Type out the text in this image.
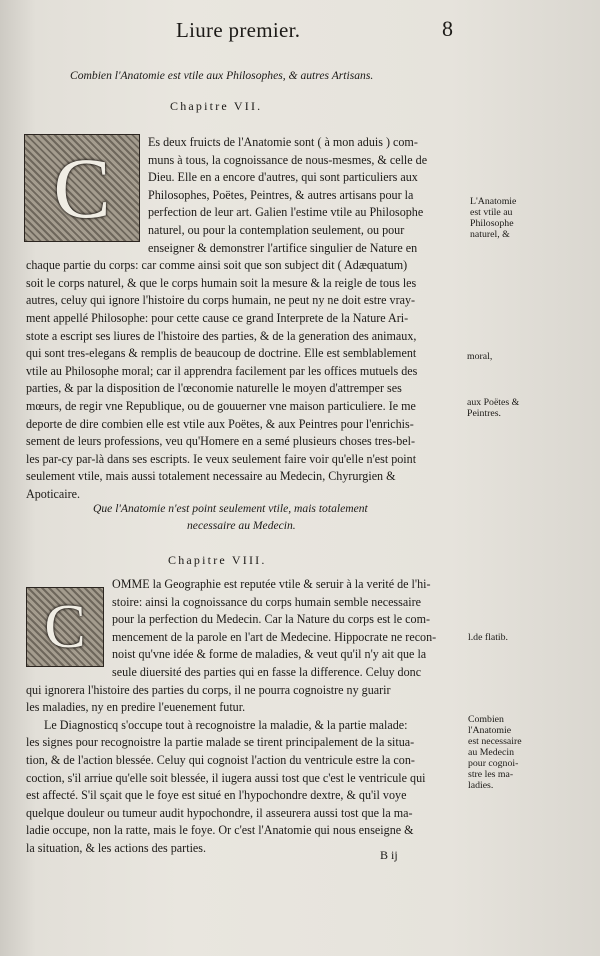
Liure premier.	8
Combien l'Anatomie est vtile aux Philosophes, & autres Artisans.
Chapitre VII.
C	Es deux fruicts de l'Anatomie sont ( à mon aduis ) com-
muns à tous, la cognoissance de nous-mesmes, & celle de
Dieu. Elle en a encore d'autres, qui sont particuliers aux
Philosophes, Poëtes, Peintres, & autres artisans pour la
perfection de leur art. Galien l'estime vtile au Philosophe
naturel, ou pour la contemplation seulement, ou pour
enseigner & demonstrer l'artifice singulier de Nature en
chaque partie du corps: car comme ainsi soit que son subject dit ( Adæquatum)
soit le corps naturel, & que le corps humain soit la mesure & la reigle de tous les
autres, celuy qui ignore l'histoire du corps humain, ne peut ny ne doit estre vray-
ment appellé Philosophe: pour cette cause ce grand Interprete de la Nature Ari-
stote a escript ses liures de l'histoire des parties, & de la generation des animaux,
qui sont tres-elegans & remplis de beaucoup de doctrine. Elle est semblablement
vtile au Philosophe moral; car il apprendra facilement par les offices mutuels des
parties, & par la disposition de l'œconomie naturelle le moyen d'attremper ses
mœurs, de regir vne Republique, ou de gouuerner vne maison particuliere. Ie me
deporte de dire combien elle est vtile aux Poëtes, & aux Peintres pour l'enrichis-
sement de leurs professions, veu qu'Homere en a semé plusieurs choses tres-bel-
les par-cy par-là dans ses escripts. Ie veux seulement faire voir qu'elle n'est point
seulement vtile, mais aussi totalement necessaire au Medecin, Chyrurgien &
Apoticaire.
L'Anatomie
est vtile au
Philosophe
naturel, &
moral,
aux Poëtes &
Peintres.
Que l'Anatomie n'est point seulement vtile, mais totalement
necessaire au Medecin.
Chapitre VIII.
C
OMME la Geographie est reputée vtile & seruir à la verité de l'hi-
stoire: ainsi la cognoissance du corps humain semble necessaire
pour la perfection du Medecin. Car la Nature du corps est le com-
mencement de la parole en l'art de Medecine. Hippocrate ne recon-
noist qu'vne idée & forme de maladies, & veut qu'il n'y ait que la
seule diuersité des parties qui en fasse la difference. Celuy donc
qui ignorera l'histoire des parties du corps, il ne pourra cognoistre ny guarir
les maladies, ny en predire l'euenement futur.
Le Diagnosticq s'occupe tout à recognoistre la maladie, & la partie malade:
les signes pour recognoistre la partie malade se tirent principalement de la situa-
tion, & de l'action blessée. Celuy qui cognoist l'action du ventricule estre la con-
coction, s'il arriue qu'elle soit blessée, il iugera aussi tost que c'est le ventricule qui
est affecté. S'il sçait que le foye est situé en l'hypochondre dextre, & qu'il voye
quelque douleur ou tumeur audit hypochondre, il asseurera aussi tost que la ma-
ladie occupe, non la ratte, mais le foye. Or c'est l'Anatomie qui nous enseigne &
la situation, & les actions des parties.
l.de flatib.
Combien
l'Anatomie
est necessaire
au Medecin
pour cognoi-
stre les ma-
ladies.
B ij
